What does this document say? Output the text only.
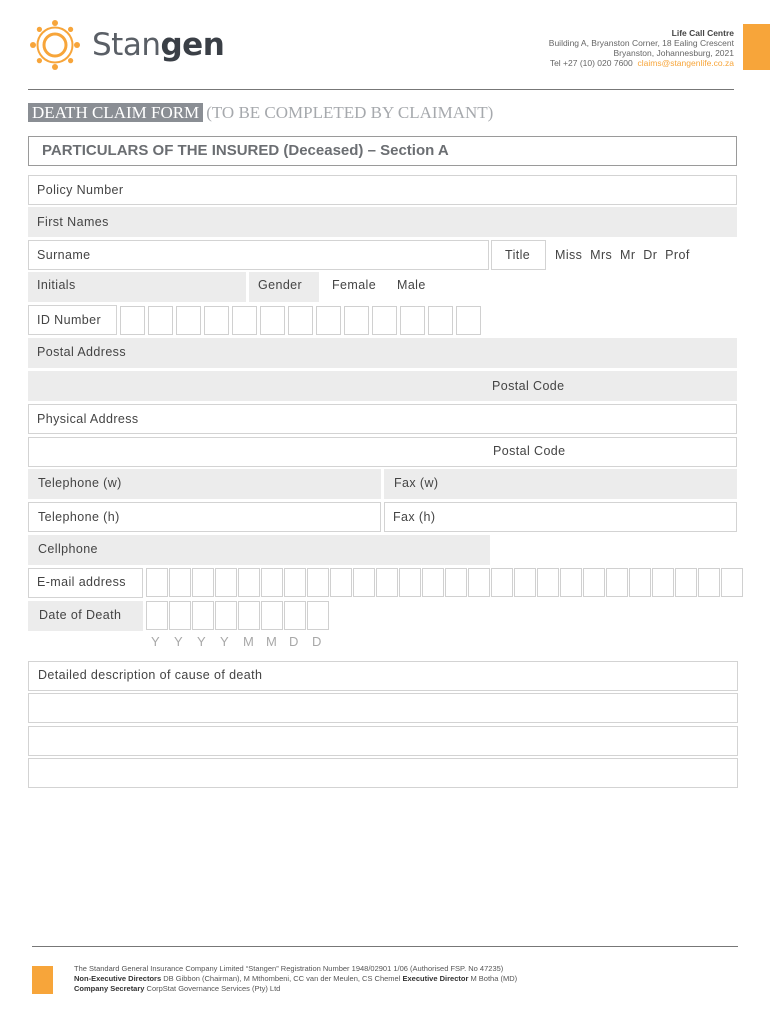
Stangen	Life Call Centre
Building A, Bryanston Corner, 18 Ealing Crescent
Bryanston, Johannesburg, 2021
Tel +27 (10) 020 7600 claims@stangenlife.co.za
DEATH CLAIM FORM (TO BE COMPLETED BY CLAIMANT)
PARTICULARS OF THE INSURED (Deceased) – Section A
Policy Number
First Names
Surname	Title Miss Mrs Mr Dr Prof
Initials	Gender Female Male
ID Number
Postal Address
Postal Code
Physical Address
Postal Code
Telephone (w)	Fax (w)
Telephone (h)	Fax (h)
Cellphone
E-mail address
Date of Death
Y Y Y Y M M D D
Detailed description of cause of death
The Standard General Insurance Company Limited “Stangen” Registration Number 1948/02901 1/06 (Authorised FSP. No 47235)
Non-Executive Directors DB Gibbon (Chairman), M Mthombeni, CC van der Meulen, CS Chemel Executive Director M Botha (MD)
Company Secretary CorpStat Governance Services (Pty) Ltd
